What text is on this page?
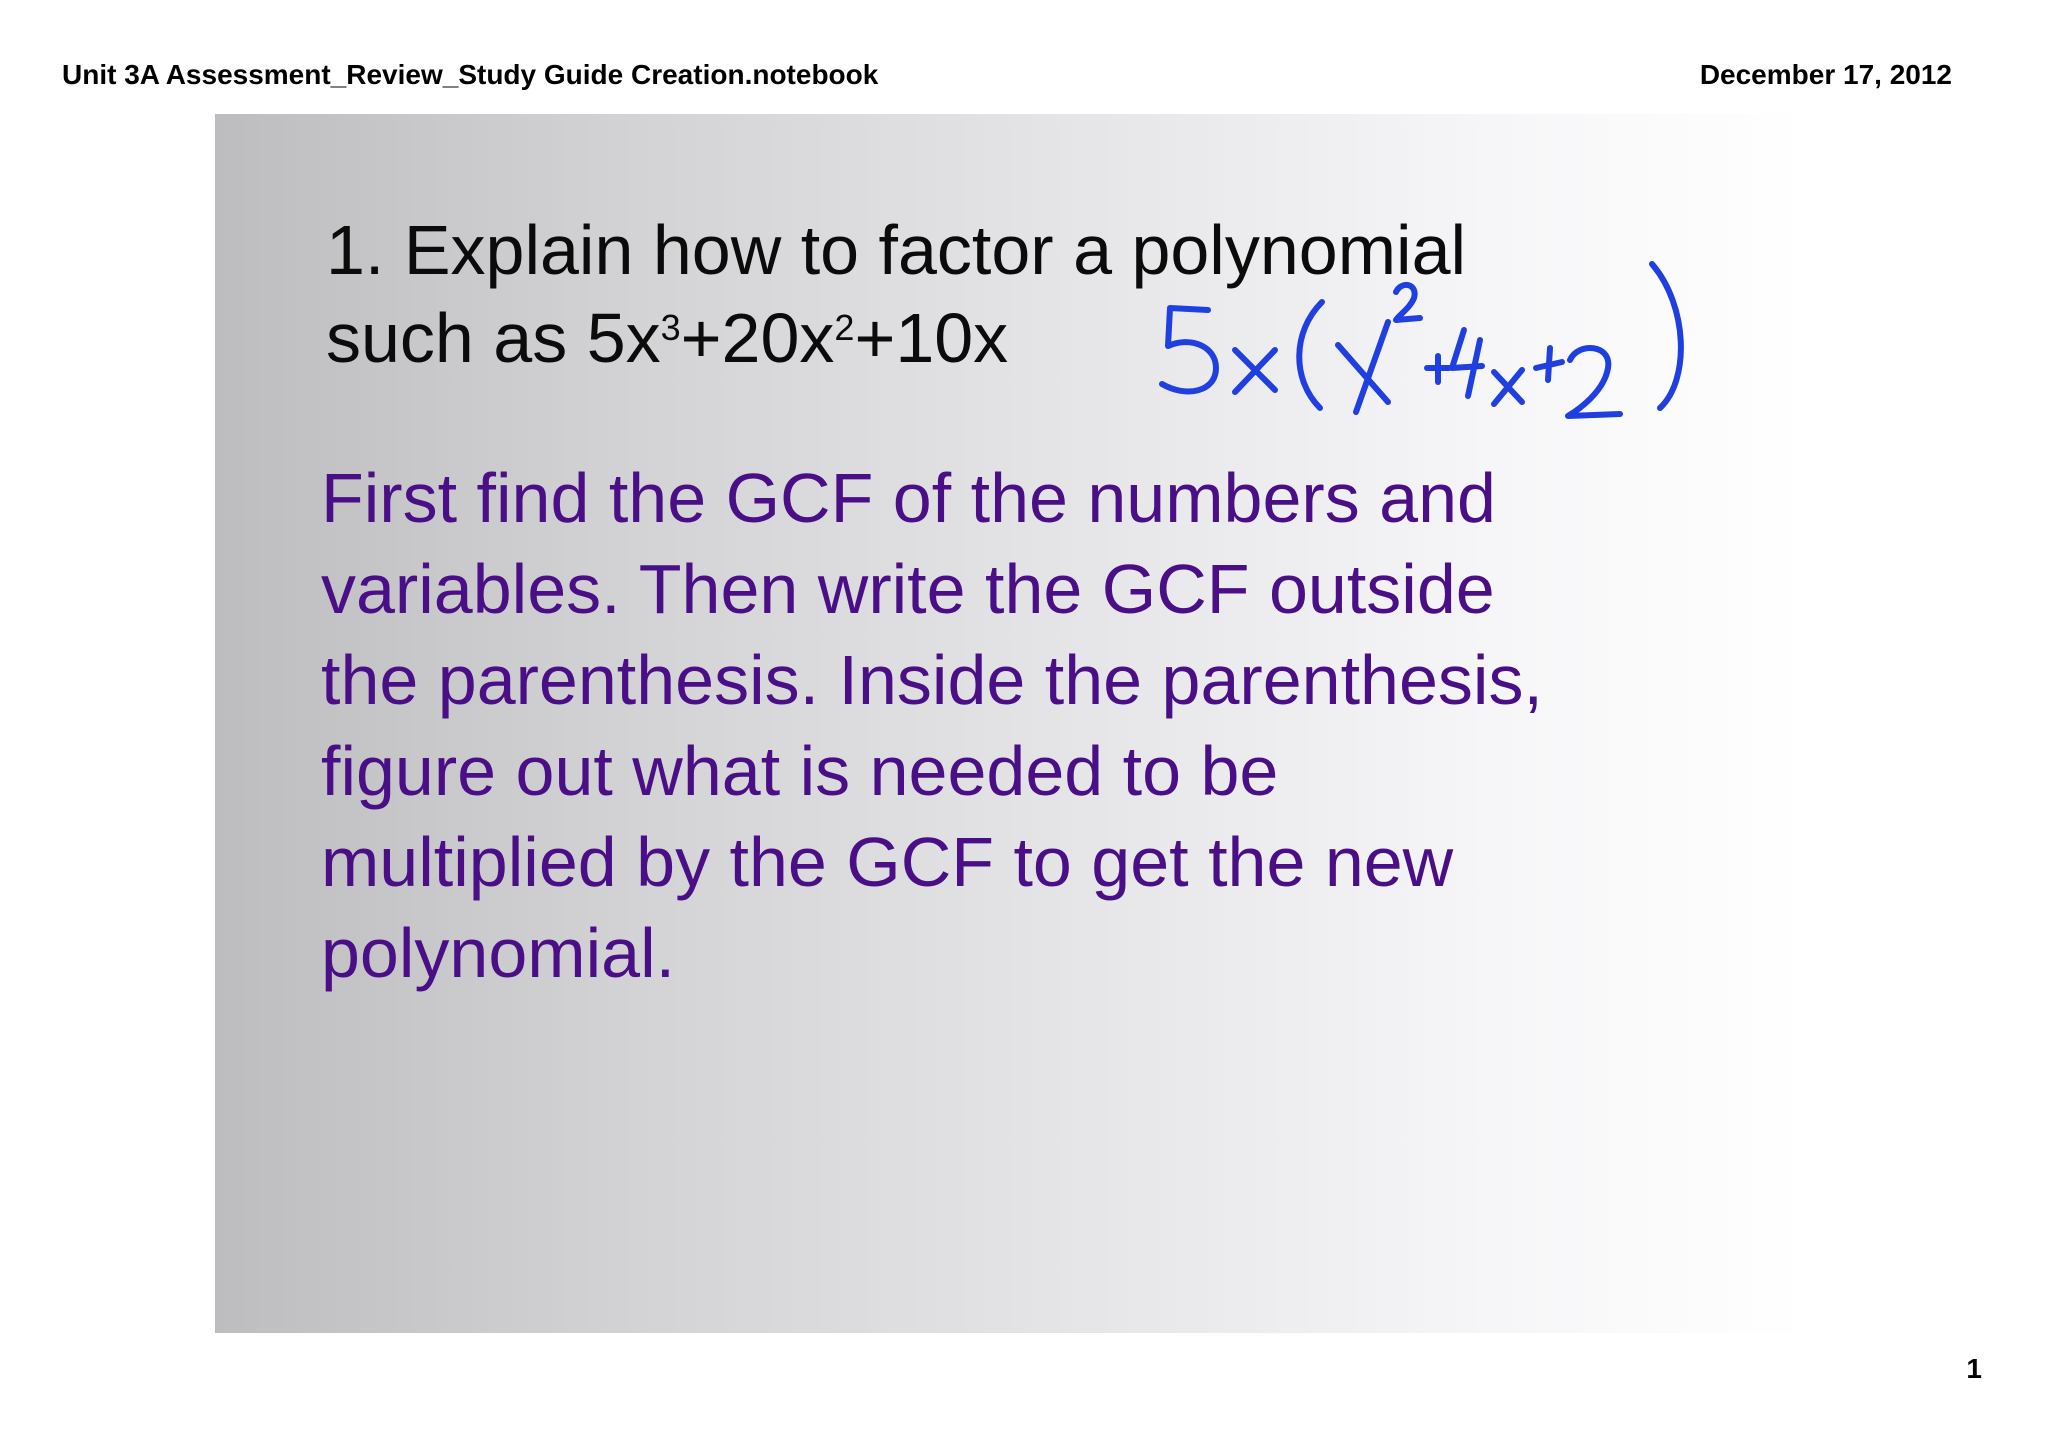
Unit 3A Assessment_Review_Study Guide Creation.notebook	December 17, 2012
1. Explain how to factor a polynomial
such as $5x^3+20x^2+10x$
First find the GCF of the numbers and
variables. Then write the GCF outside
the parenthesis. Inside the parenthesis,
figure out what is needed to be
multiplied by the GCF to get the new
polynomial.
1
